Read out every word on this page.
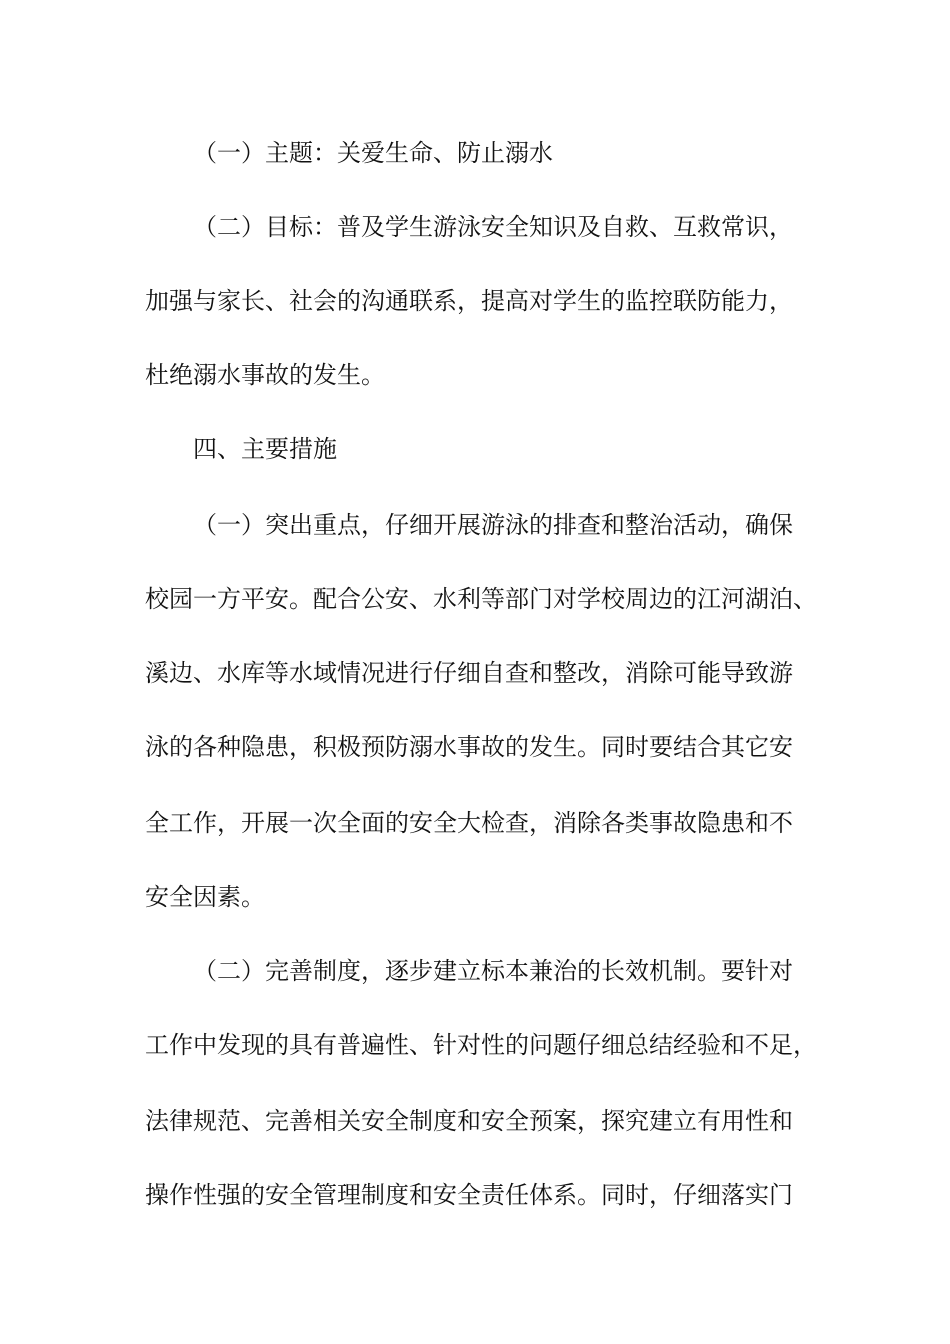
（一）主题：关爱生命、防止溺水
（二）目标：普及学生游泳安全知识及自救、互救常识，
加强与家长、社会的沟通联系，提高对学生的监控联防能力，
杜绝溺水事故的发生。
四、主要措施
（一）突出重点，仔细开展游泳的排查和整治活动，确保
校园一方平安。配合公安、水利等部门对学校周边的江河湖泊、
溪边、水库等水域情况进行仔细自查和整改，消除可能导致游
泳的各种隐患，积极预防溺水事故的发生。同时要结合其它安
全工作，开展一次全面的安全大检查，消除各类事故隐患和不
安全因素。
（二）完善制度，逐步建立标本兼治的长效机制。要针对
工作中发现的具有普遍性、针对性的问题仔细总结经验和不足，
法律规范、完善相关安全制度和安全预案，探究建立有用性和
操作性强的安全管理制度和安全责任体系。同时，仔细落实门
